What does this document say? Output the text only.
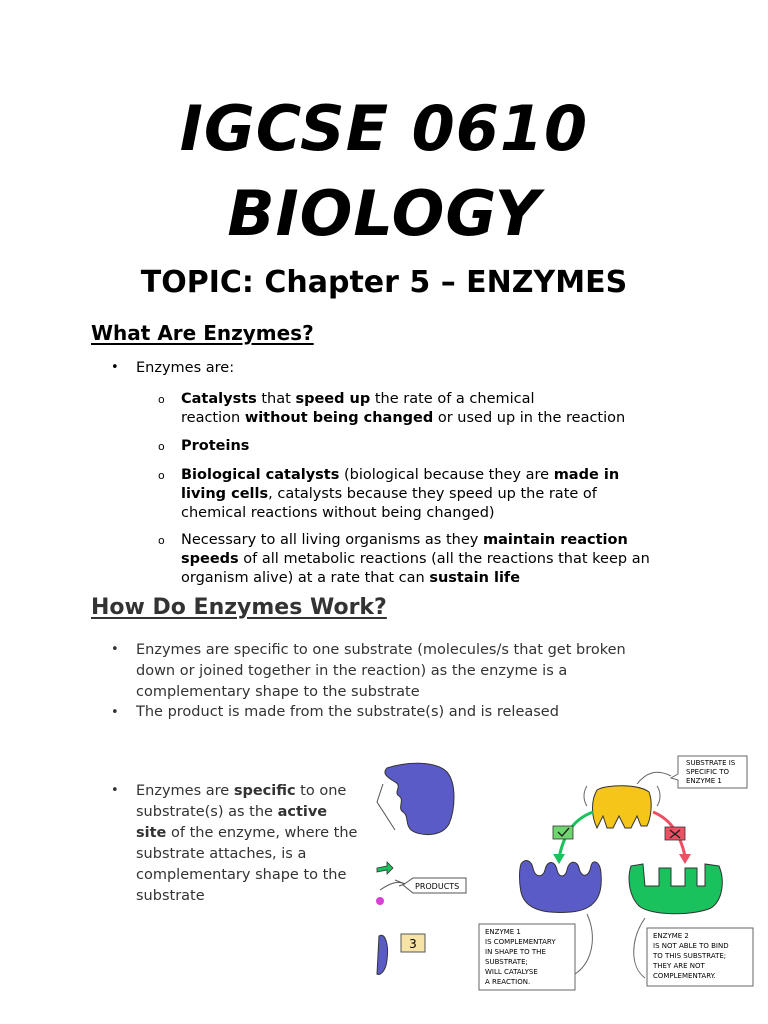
IGCSE 0610
BIOLOGY
TOPIC: Chapter 5 – ENZYMES
What Are Enzymes?
• Enzymes are:
o Catalysts that speed up the rate of a chemical
reaction without being changed or used up in the reaction
o Proteins
o Biological catalysts (biological because they are made in
living cells, catalysts because they speed up the rate of
chemical reactions without being changed)
o Necessary to all living organisms as they maintain reaction
speeds of all metabolic reactions (all the reactions that keep an
organism alive) at a rate that can sustain life
How Do Enzymes Work?
• Enzymes are specific to one substrate (molecules/s that get broken
down or joined together in the reaction) as the enzyme is a
complementary shape to the substrate
• The product is made from the substrate(s) and is released
• Enzymes are specific to one
substrate(s) as the active
site of the enzyme, where the
substrate attaches, is a
complementary shape to the
substrate
PRODUCTS
3
SUBSTRATE IS SPECIFIC TO ENZYME 1
ENZYME 1 IS COMPLEMENTARY IN SHAPE TO THE SUBSTRATE; WILL CATALYSE A REACTION.
ENZYME 2 IS NOT ABLE TO BIND TO THIS SUBSTRATE; THEY ARE NOT COMPLEMENTARY.
